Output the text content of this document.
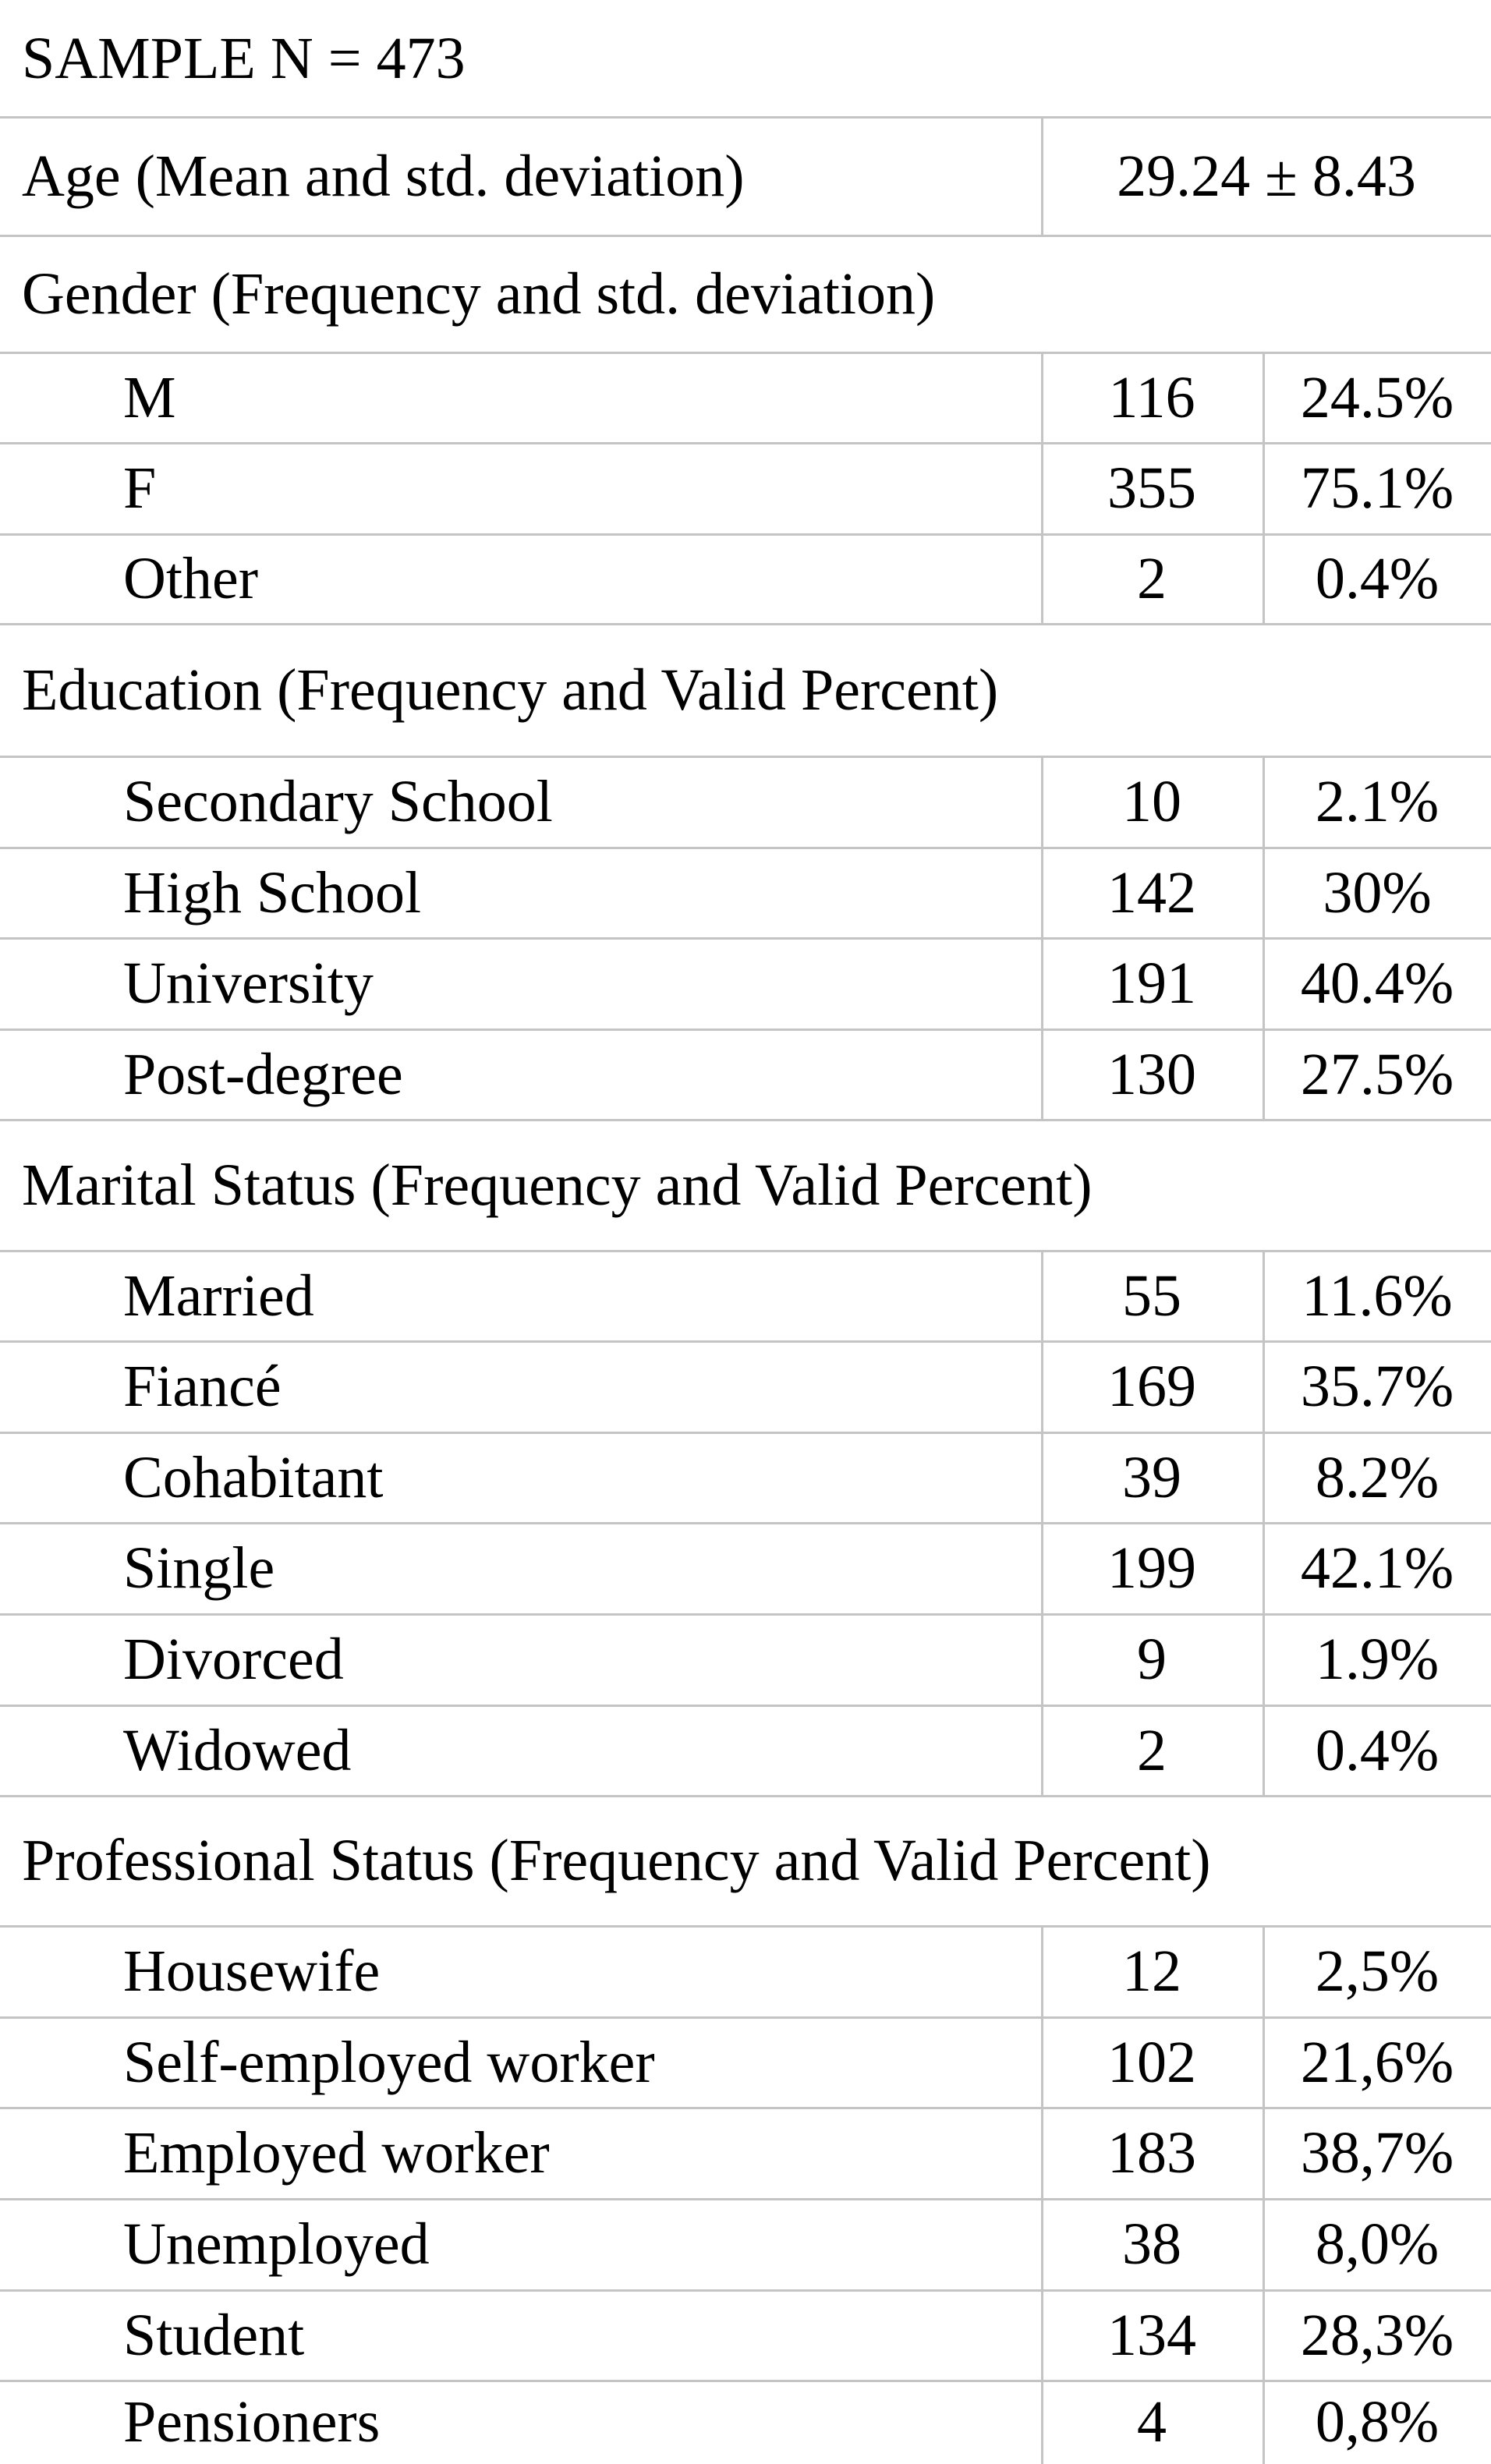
SAMPLE N = 473
Age (Mean and std. deviation)	29.24 ± 8.43
Gender (Frequency and std. deviation)
M	116	24.5%
F	355	75.1%
Other	2	0.4%
Education (Frequency and Valid Percent)
Secondary School	10	2.1%
High School	142	30%
University	191	40.4%
Post-degree	130	27.5%
Marital Status (Frequency and Valid Percent)
Married	55	11.6%
Fiancé	169	35.7%
Cohabitant	39	8.2%
Single	199	42.1%
Divorced	9	1.9%
Widowed	2	0.4%
Professional Status (Frequency and Valid Percent)
Housewife	12	2,5%
Self-employed worker	102	21,6%
Employed worker	183	38,7%
Unemployed	38	8,0%
Student	134	28,3%
Pensioners	4	0,8%
